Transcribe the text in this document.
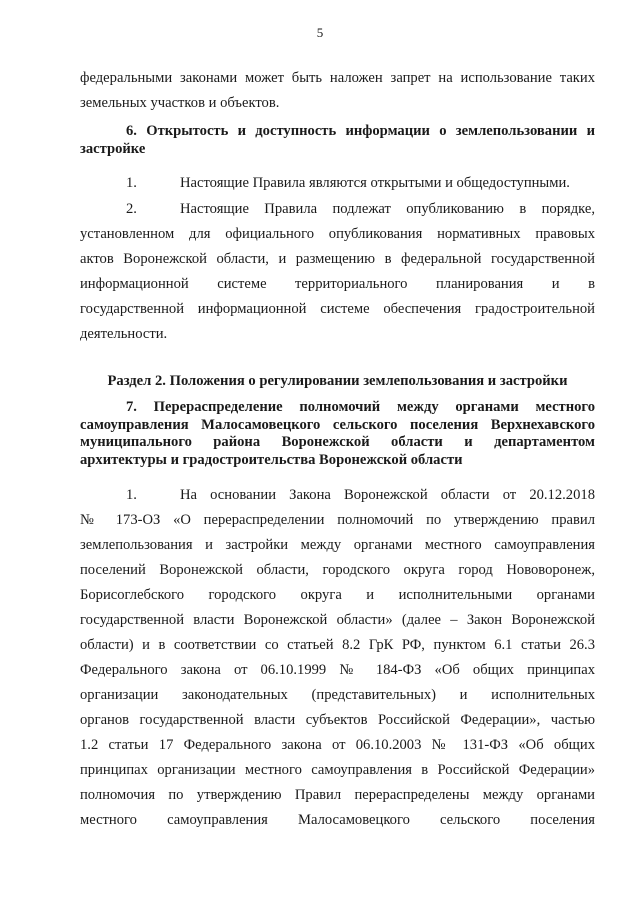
5
федеральными законами может быть наложен запрет на использование таких
земельных участков и объектов.
6. Открытость и доступность информации о землепользовании и
застройке
1.	Настоящие Правила являются открытыми и общедоступными.
2.	Настоящие Правила подлежат опубликованию в порядке,
установленном для официального опубликования нормативных правовых
актов Воронежской области, и размещению в федеральной государственной
информационной системе территориального планирования и в
государственной информационной системе обеспечения градостроительной
деятельности.
Раздел 2. Положения о регулировании землепользования и застройки
7. Перераспределение полномочий между органами местного
самоуправления Малосамовецкого сельского поселения Верхнехавского
муниципального района Воронежской области и департаментом
архитектуры и градостроительства Воронежской области
1.	На основании Закона Воронежской области от 20.12.2018
№ 173-ОЗ «О перераспределении полномочий по утверждению правил
землепользования и застройки между органами местного самоуправления
поселений Воронежской области, городского округа город Нововоронеж,
Борисоглебского городского округа и исполнительными органами
государственной власти Воронежской области» (далее – Закон Воронежской
области) и в соответствии со статьей 8.2 ГрК РФ, пунктом 6.1 статьи 26.3
Федерального закона от 06.10.1999 № 184-ФЗ «Об общих принципах
организации законодательных (представительных) и исполнительных
органов государственной власти субъектов Российской Федерации», частью
1.2 статьи 17 Федерального закона от 06.10.2003 № 131-ФЗ «Об общих
принципах организации местного самоуправления в Российской Федерации»
полномочия по утверждению Правил перераспределены между органами
местного самоуправления Малосамовецкого сельского поселения
